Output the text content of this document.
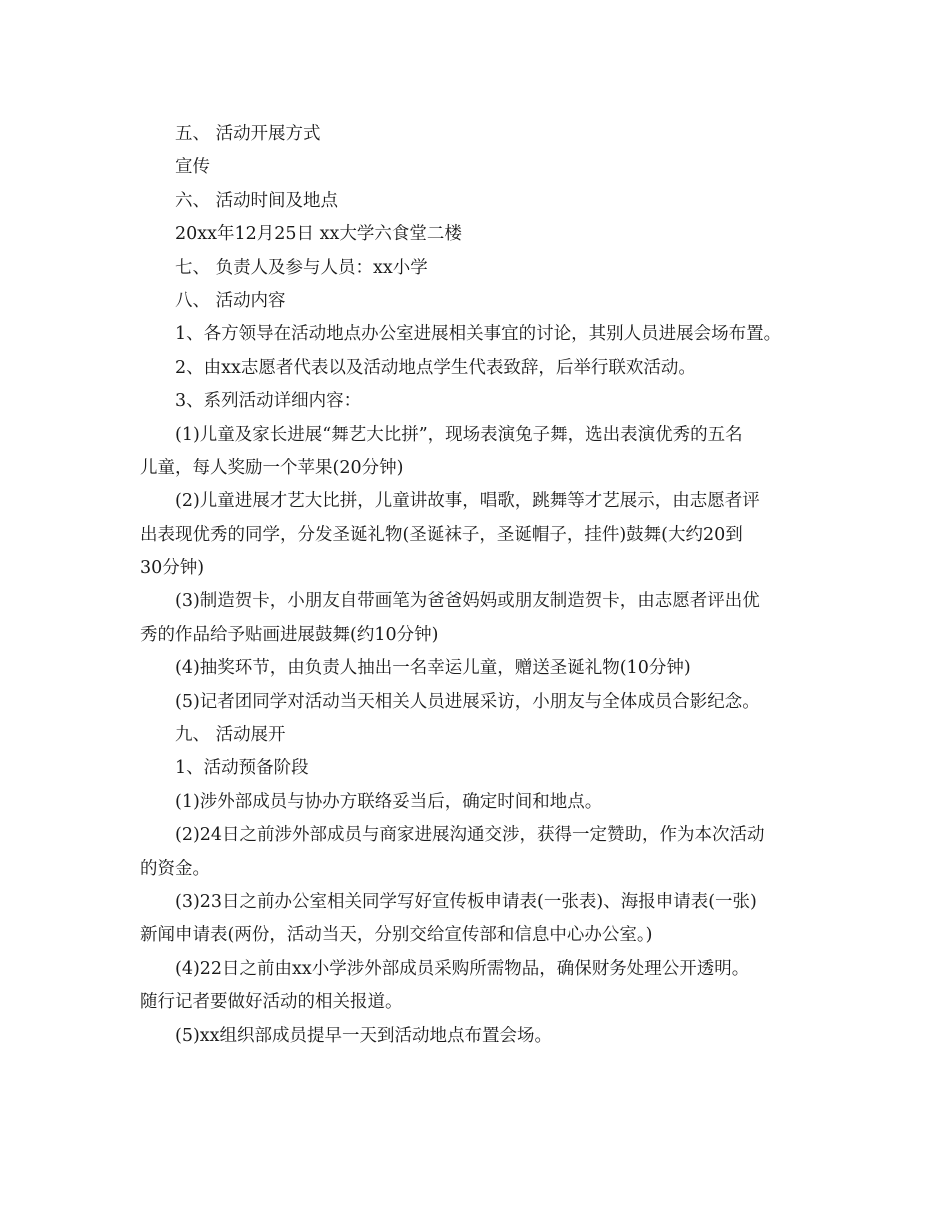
五、 活动开展方式
宣传
六、 活动时间及地点
20xx年12月25日 xx大学六食堂二楼
七、 负责人及参与人员：xx小学
八、 活动内容
1、各方领导在活动地点办公室进展相关事宜的讨论，其别人员进展会场布置。
2、由xx志愿者代表以及活动地点学生代表致辞，后举行联欢活动。
3、系列活动详细内容：
(1)儿童及家长进展“舞艺大比拼”，现场表演兔子舞，选出表演优秀的五名
儿童，每人奖励一个苹果(20分钟)
(2)儿童进展才艺大比拼，儿童讲故事，唱歌，跳舞等才艺展示，由志愿者评
出表现优秀的同学，分发圣诞礼物(圣诞袜子，圣诞帽子，挂件)鼓舞(大约20到
30分钟)
(3)制造贺卡，小朋友自带画笔为爸爸妈妈或朋友制造贺卡，由志愿者评出优
秀的作品给予贴画进展鼓舞(约10分钟)
(4)抽奖环节，由负责人抽出一名幸运儿童，赠送圣诞礼物(10分钟)
(5)记者团同学对活动当天相关人员进展采访，小朋友与全体成员合影纪念。
九、 活动展开
1、活动预备阶段
(1)涉外部成员与协办方联络妥当后，确定时间和地点。
(2)24日之前涉外部成员与商家进展沟通交涉，获得一定赞助，作为本次活动
的资金。
(3)23日之前办公室相关同学写好宣传板申请表(一张表)、海报申请表(一张)
新闻申请表(两份，活动当天，分别交给宣传部和信息中心办公室。)
(4)22日之前由xx小学涉外部成员采购所需物品，确保财务处理公开透明。
随行记者要做好活动的相关报道。
(5)xx组织部成员提早一天到活动地点布置会场。
